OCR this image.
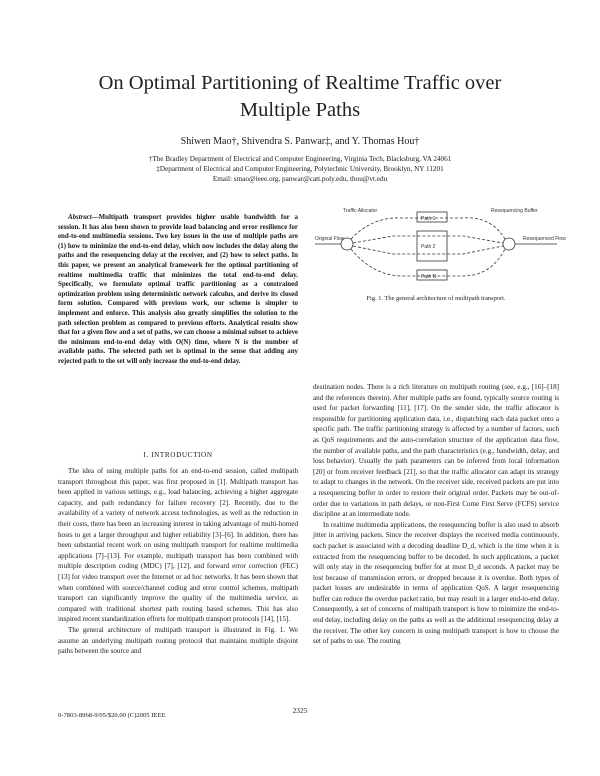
On Optimal Partitioning of Realtime Traffic over
Multiple Paths
Shiwen Mao†, Shivendra S. Panwar‡, and Y. Thomas Hou†
†The Bradley Department of Electrical and Computer Engineering, Virginia Tech, Blacksburg, VA 24061
‡Department of Electrical and Computer Engineering, Polytechnic University, Brooklyn, NY 11201
Email: smao@ieee.org, panwar@catt.poly.edu, thou@vt.edu

Abstract—Multipath transport provides higher usable bandwidth for a session. It has also been shown to provide load balancing and error resilience for end-to-end multimedia sessions. Two key issues in the use of multiple paths are (1) how to minimize the end-to-end delay, which now includes the delay along the paths and the resequencing delay at the receiver, and (2) how to select paths. In this paper, we present an analytical framework for the optimal partitioning of realtime multimedia traffic that minimizes the total end-to-end delay. Specifically, we formulate optimal traffic partitioning as a constrained optimization problem using deterministic network calculus, and derive its closed form solution. Compared with previous work, our scheme is simpler to implement and enforce. This analysis also greatly simplifies the solution to the path selection problem as compared to previous efforts. Analytical results show that for a given flow and a set of paths, we can choose a minimal subset to achieve the minimum end-to-end delay with O(N) time, where N is the number of available paths. The selected path set is optimal in the sense that adding any rejected path to the set will only increase the end-to-end delay.

I. INTRODUCTION

The idea of using multiple paths for an end-to-end session, called multipath transport throughout this paper, was first proposed in [1]. Multipath transport has been applied in various settings, e.g., load balancing, achieving a higher aggregate capacity, and path redundancy for failure recovery [2]. Recently, due to the availability of a variety of network access technologies, as well as the reduction in their costs, there has been an increasing interest in taking advantage of multi-homed hosts to get a larger throughput and higher reliability [3]–[6]. In addition, there has been substantial recent work on using multipath transport for realtime multimedia applications [7]–[13]. For example, multipath transport has been combined with multiple description coding (MDC) [7], [12], and forward error correction (FEC) [13] for video transport over the Internet or ad hoc networks. It has been shown that when combined with source/channel coding and error control schemes, multipath transport can significantly improve the quality of the multimedia service, as compared with traditional shortest path routing based schemes. This has also inspired recent standardization efforts for multipath transport protocols [14], [15].

The general architecture of multipath transport is illustrated in Fig. 1. We assume an underlying multipath routing protocol that maintains multiple disjoint paths between the source and

Traffic Allocator	Resequencing Buffer
Original Flow	Resequenced Flow
Path 1
Path 2
Path N
Fig. 1. The general architecture of multipath transport.

destination nodes. There is a rich literature on multipath routing (see, e.g., [16]–[18] and the references therein). After multiple paths are found, typically source routing is used for packet forwarding [11], [17]. On the sender side, the traffic allocator is responsible for partitioning application data, i.e., dispatching each data packet onto a specific path. The traffic partitioning strategy is affected by a number of factors, such as QoS requirements and the auto-correlation structure of the application data flow, the number of available paths, and the path characteristics (e.g., bandwidth, delay, and loss behavior). Usually the path parameters can be inferred from local information [20] or from receiver feedback [21], so that the traffic allocator can adapt its strategy to adapt to changes in the network. On the receiver side, received packets are put into a resequencing buffer in order to restore their original order. Packets may be out-of-order due to variations in path delays, or non-First Come First Serve (FCFS) service discipline at an intermediate node.

In realtime multimedia applications, the resequencing buffer is also used to absorb jitter in arriving packets. Since the receiver displays the received media continuously, each packet is associated with a decoding deadline D_d, which is the time when it is extracted from the resequencing buffer to be decoded. In such applications, a packet will only stay in the resequencing buffer for at most D_d seconds. A packet may be lost because of transmission errors, or dropped because it is overdue. Both types of packet losses are undesirable in terms of application QoS. A larger resequencing buffer can reduce the overdue packet ratio, but may result in a larger end-to-end delay. Consequently, a set of concerns of multipath transport is how to minimize the end-to-end delay, including delay on the paths as well as the additional resequencing delay at the receiver. The other key concern in using multipath transport is how to choose the set of paths to use. The routing

0-7803-8968-9/05/$20.00 (C)2005 IEEE
2325
